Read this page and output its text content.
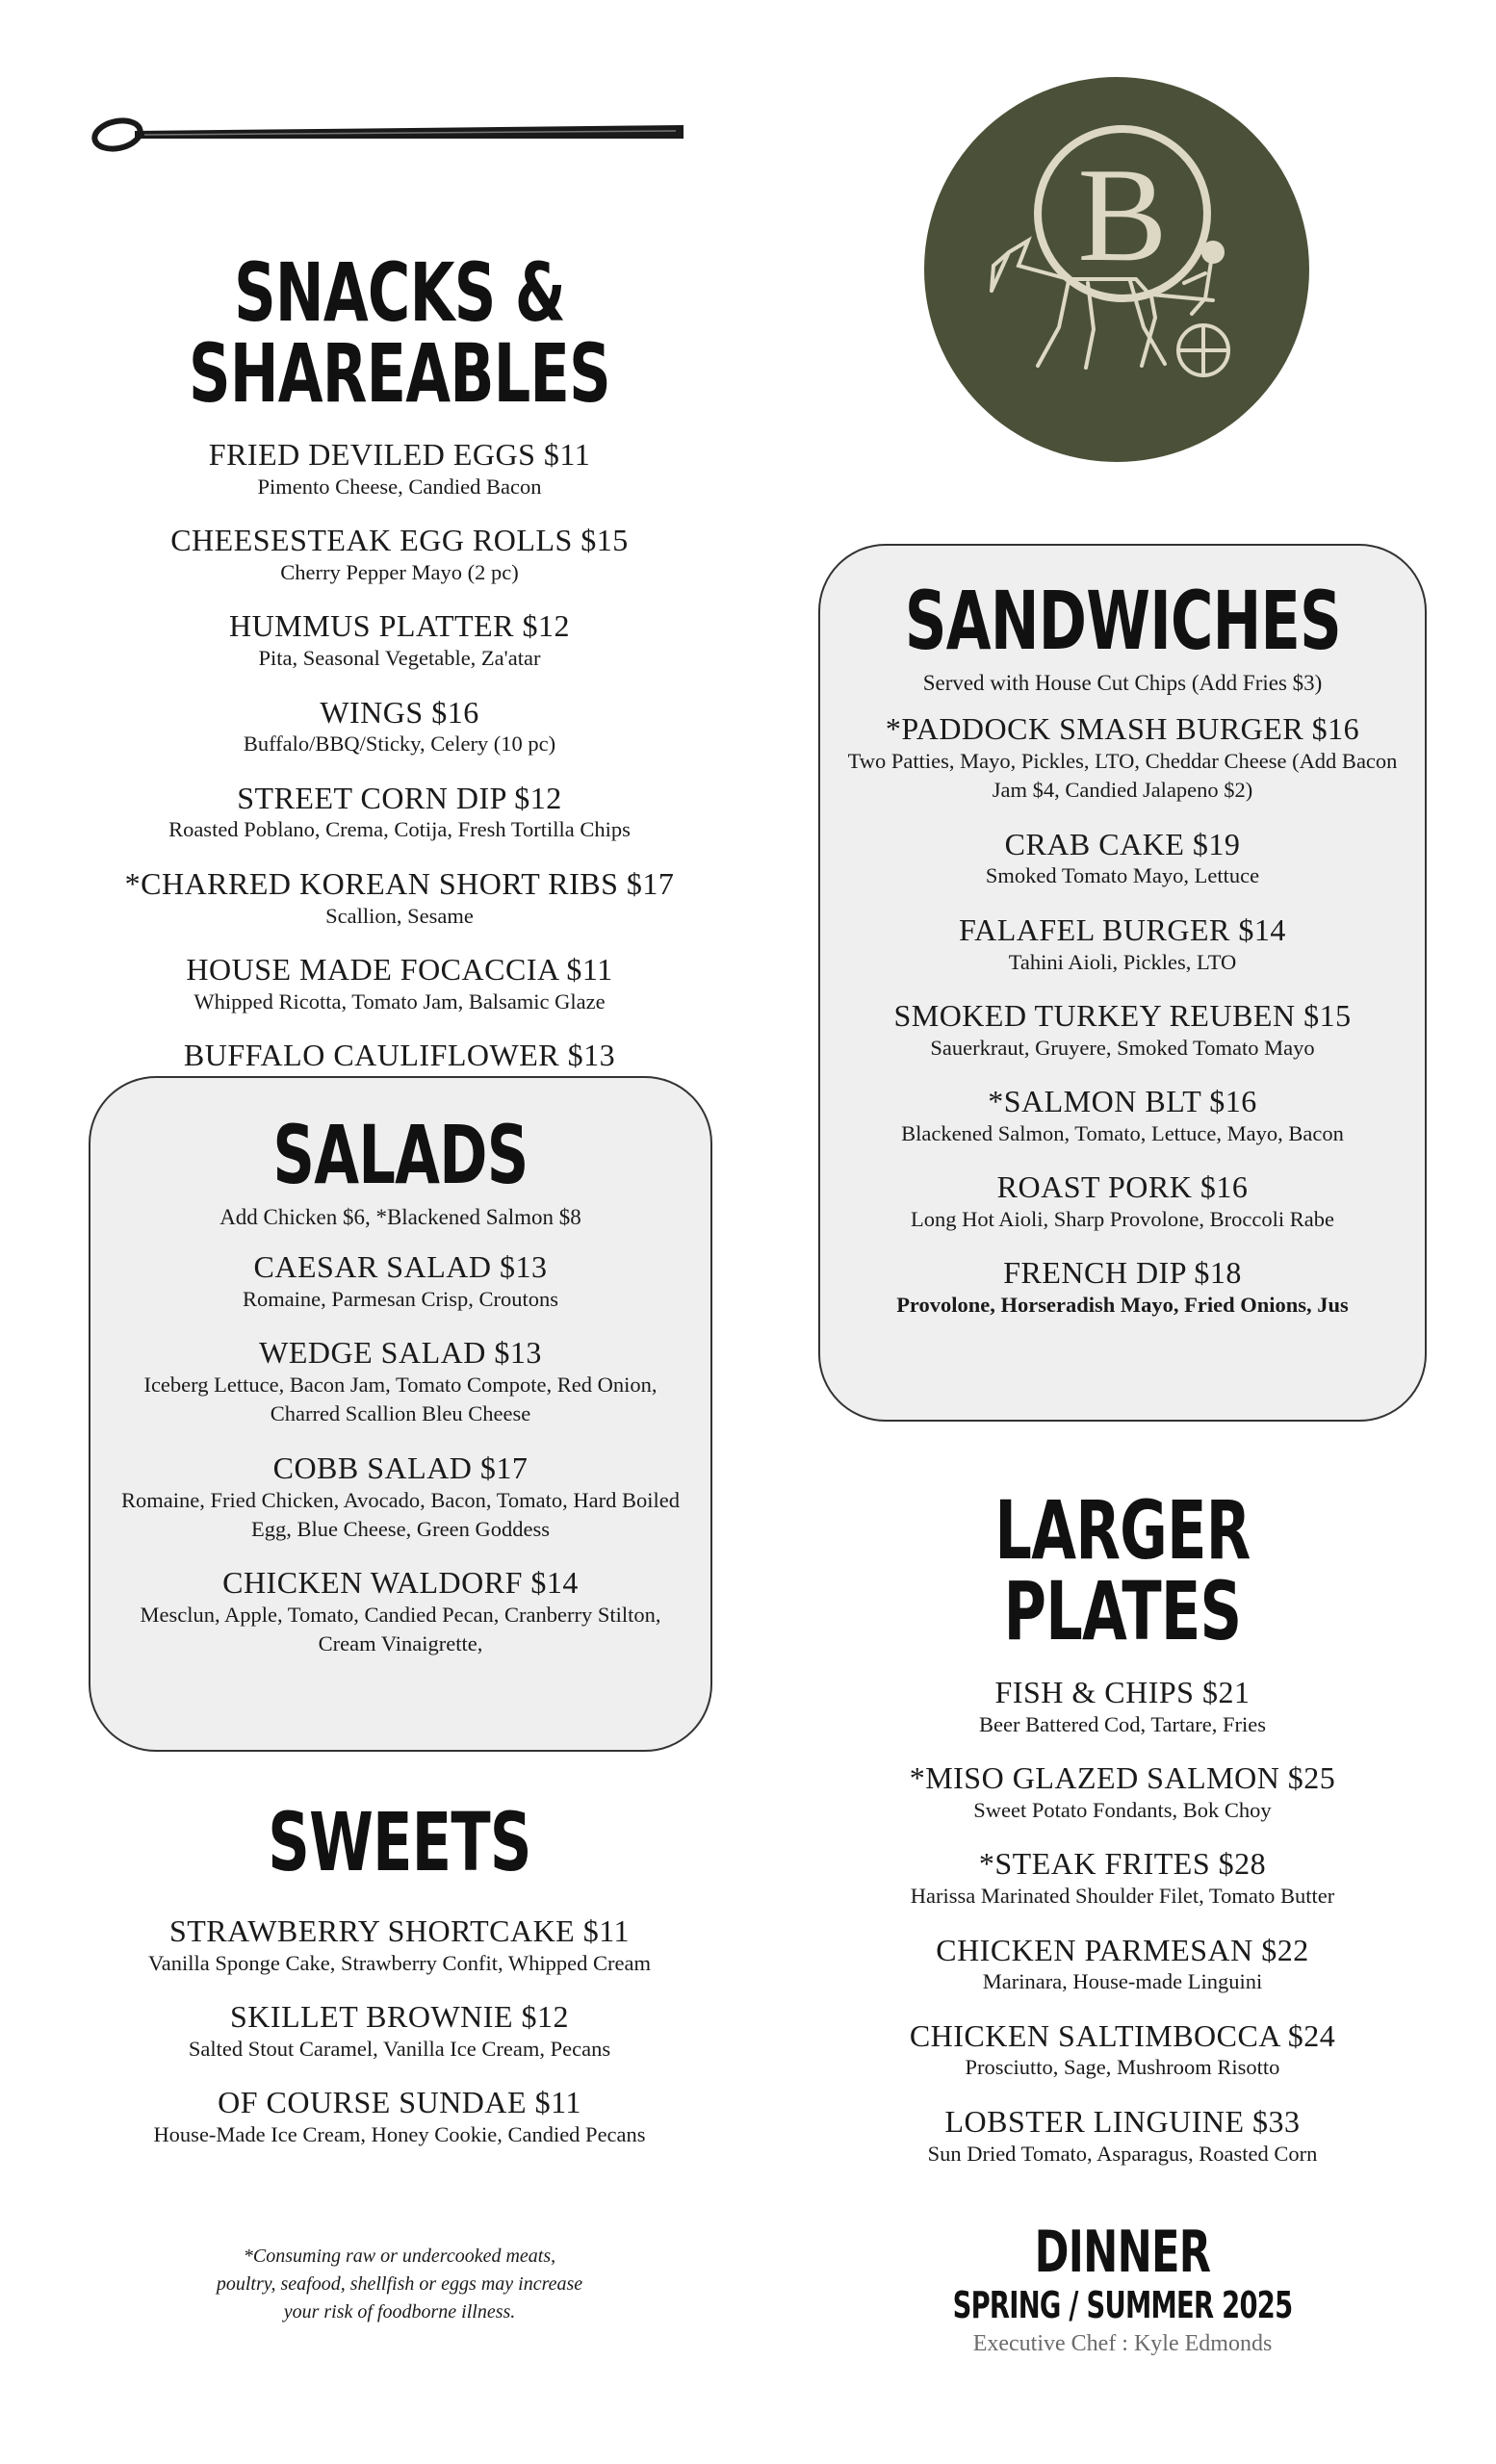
SNACKS & SHAREABLES
FRIED DEVILED EGGS $11
Pimento Cheese, Candied Bacon
CHEESESTEAK EGG ROLLS $15
Cherry Pepper Mayo (2 pc)
HUMMUS PLATTER $12
Pita, Seasonal Vegetable, Za'atar
WINGS $16
Buffalo/BBQ/Sticky, Celery (10 pc)
STREET CORN DIP $12
Roasted Poblano, Crema, Cotija, Fresh Tortilla Chips
*CHARRED KOREAN SHORT RIBS $17
Scallion, Sesame
HOUSE MADE FOCACCIA $11
Whipped Ricotta, Tomato Jam, Balsamic Glaze
BUFFALO CAULIFLOWER $13
SALADS
Add Chicken $6, *Blackened Salmon $8
CAESAR SALAD $13
Romaine, Parmesan Crisp, Croutons
WEDGE SALAD $13
Iceberg Lettuce, Bacon Jam, Tomato Compote, Red Onion, Charred Scallion Bleu Cheese
COBB SALAD $17
Romaine, Fried Chicken, Avocado, Bacon, Tomato, Hard Boiled Egg, Blue Cheese, Green Goddess
CHICKEN WALDORF $14
Mesclun, Apple, Tomato, Candied Pecan, Cranberry Stilton, Cream Vinaigrette,
SWEETS
STRAWBERRY SHORTCAKE $11
Vanilla Sponge Cake, Strawberry Confit, Whipped Cream
SKILLET BROWNIE $12
Salted Stout Caramel, Vanilla Ice Cream, Pecans
OF COURSE SUNDAE $11
House-Made Ice Cream, Honey Cookie, Candied Pecans
*Consuming raw or undercooked meats,
poultry, seafood, shellfish or eggs may increase
your risk of foodborne illness.
B
SANDWICHES
Served with House Cut Chips (Add Fries $3)
*PADDOCK SMASH BURGER $16
Two Patties, Mayo, Pickles, LTO, Cheddar Cheese (Add Bacon Jam $4, Candied Jalapeno $2)
CRAB CAKE $19
Smoked Tomato Mayo, Lettuce
FALAFEL BURGER $14
Tahini Aioli, Pickles, LTO
SMOKED TURKEY REUBEN $15
Sauerkraut, Gruyere, Smoked Tomato Mayo
*SALMON BLT $16
Blackened Salmon, Tomato, Lettuce, Mayo, Bacon
ROAST PORK $16
Long Hot Aioli, Sharp Provolone, Broccoli Rabe
FRENCH DIP $18
Provolone, Horseradish Mayo, Fried Onions, Jus
LARGER PLATES
FISH & CHIPS $21
Beer Battered Cod, Tartare, Fries
*MISO GLAZED SALMON $25
Sweet Potato Fondants, Bok Choy
*STEAK FRITES $28
Harissa Marinated Shoulder Filet, Tomato Butter
CHICKEN PARMESAN $22
Marinara, House-made Linguini
CHICKEN SALTIMBOCCA $24
Prosciutto, Sage, Mushroom Risotto
LOBSTER LINGUINE $33
Sun Dried Tomato, Asparagus, Roasted Corn
DINNER
SPRING / SUMMER 2025
Executive Chef : Kyle Edmonds
